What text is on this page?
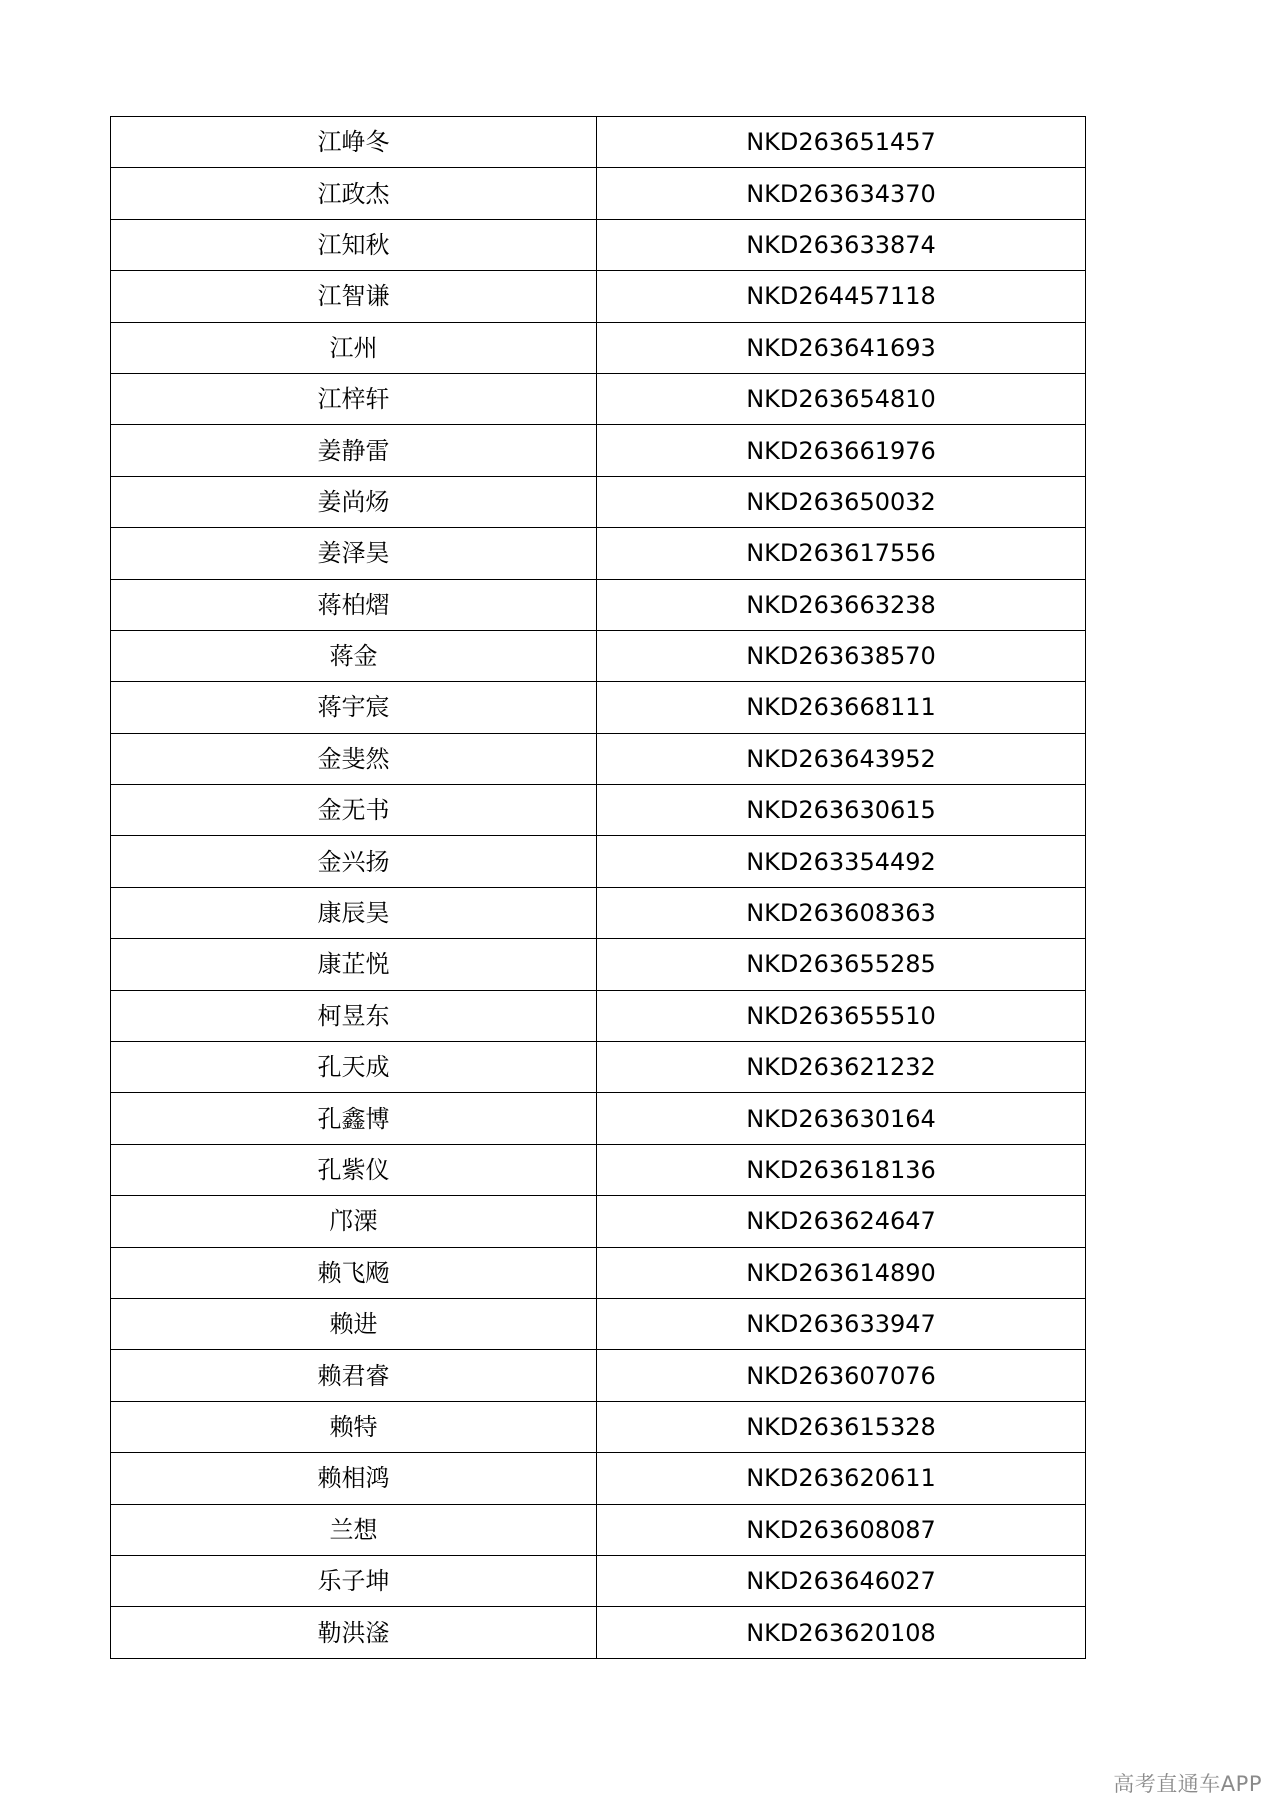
江峥冬	NKD263651457
江政杰	NKD263634370
江知秋	NKD263633874
江智谦	NKD264457118
江州	NKD263641693
江梓轩	NKD263654810
姜静雷	NKD263661976
姜尚炀	NKD263650032
姜泽昊	NKD263617556
蒋柏熠	NKD263663238
蒋金	NKD263638570
蒋宇宸	NKD263668111
金斐然	NKD263643952
金无书	NKD263630615
金兴扬	NKD263354492
康辰昊	NKD263608363
康芷悦	NKD263655285
柯昱东	NKD263655510
孔天成	NKD263621232
孔鑫博	NKD263630164
孔紫仪	NKD263618136
邝溧	NKD263624647
赖飞飏	NKD263614890
赖进	NKD263633947
赖君睿	NKD263607076
赖特	NKD263615328
赖相鸿	NKD263620611
兰想	NKD263608087
乐子坤	NKD263646027
勒洪滏	NKD263620108
高考直通车APP
